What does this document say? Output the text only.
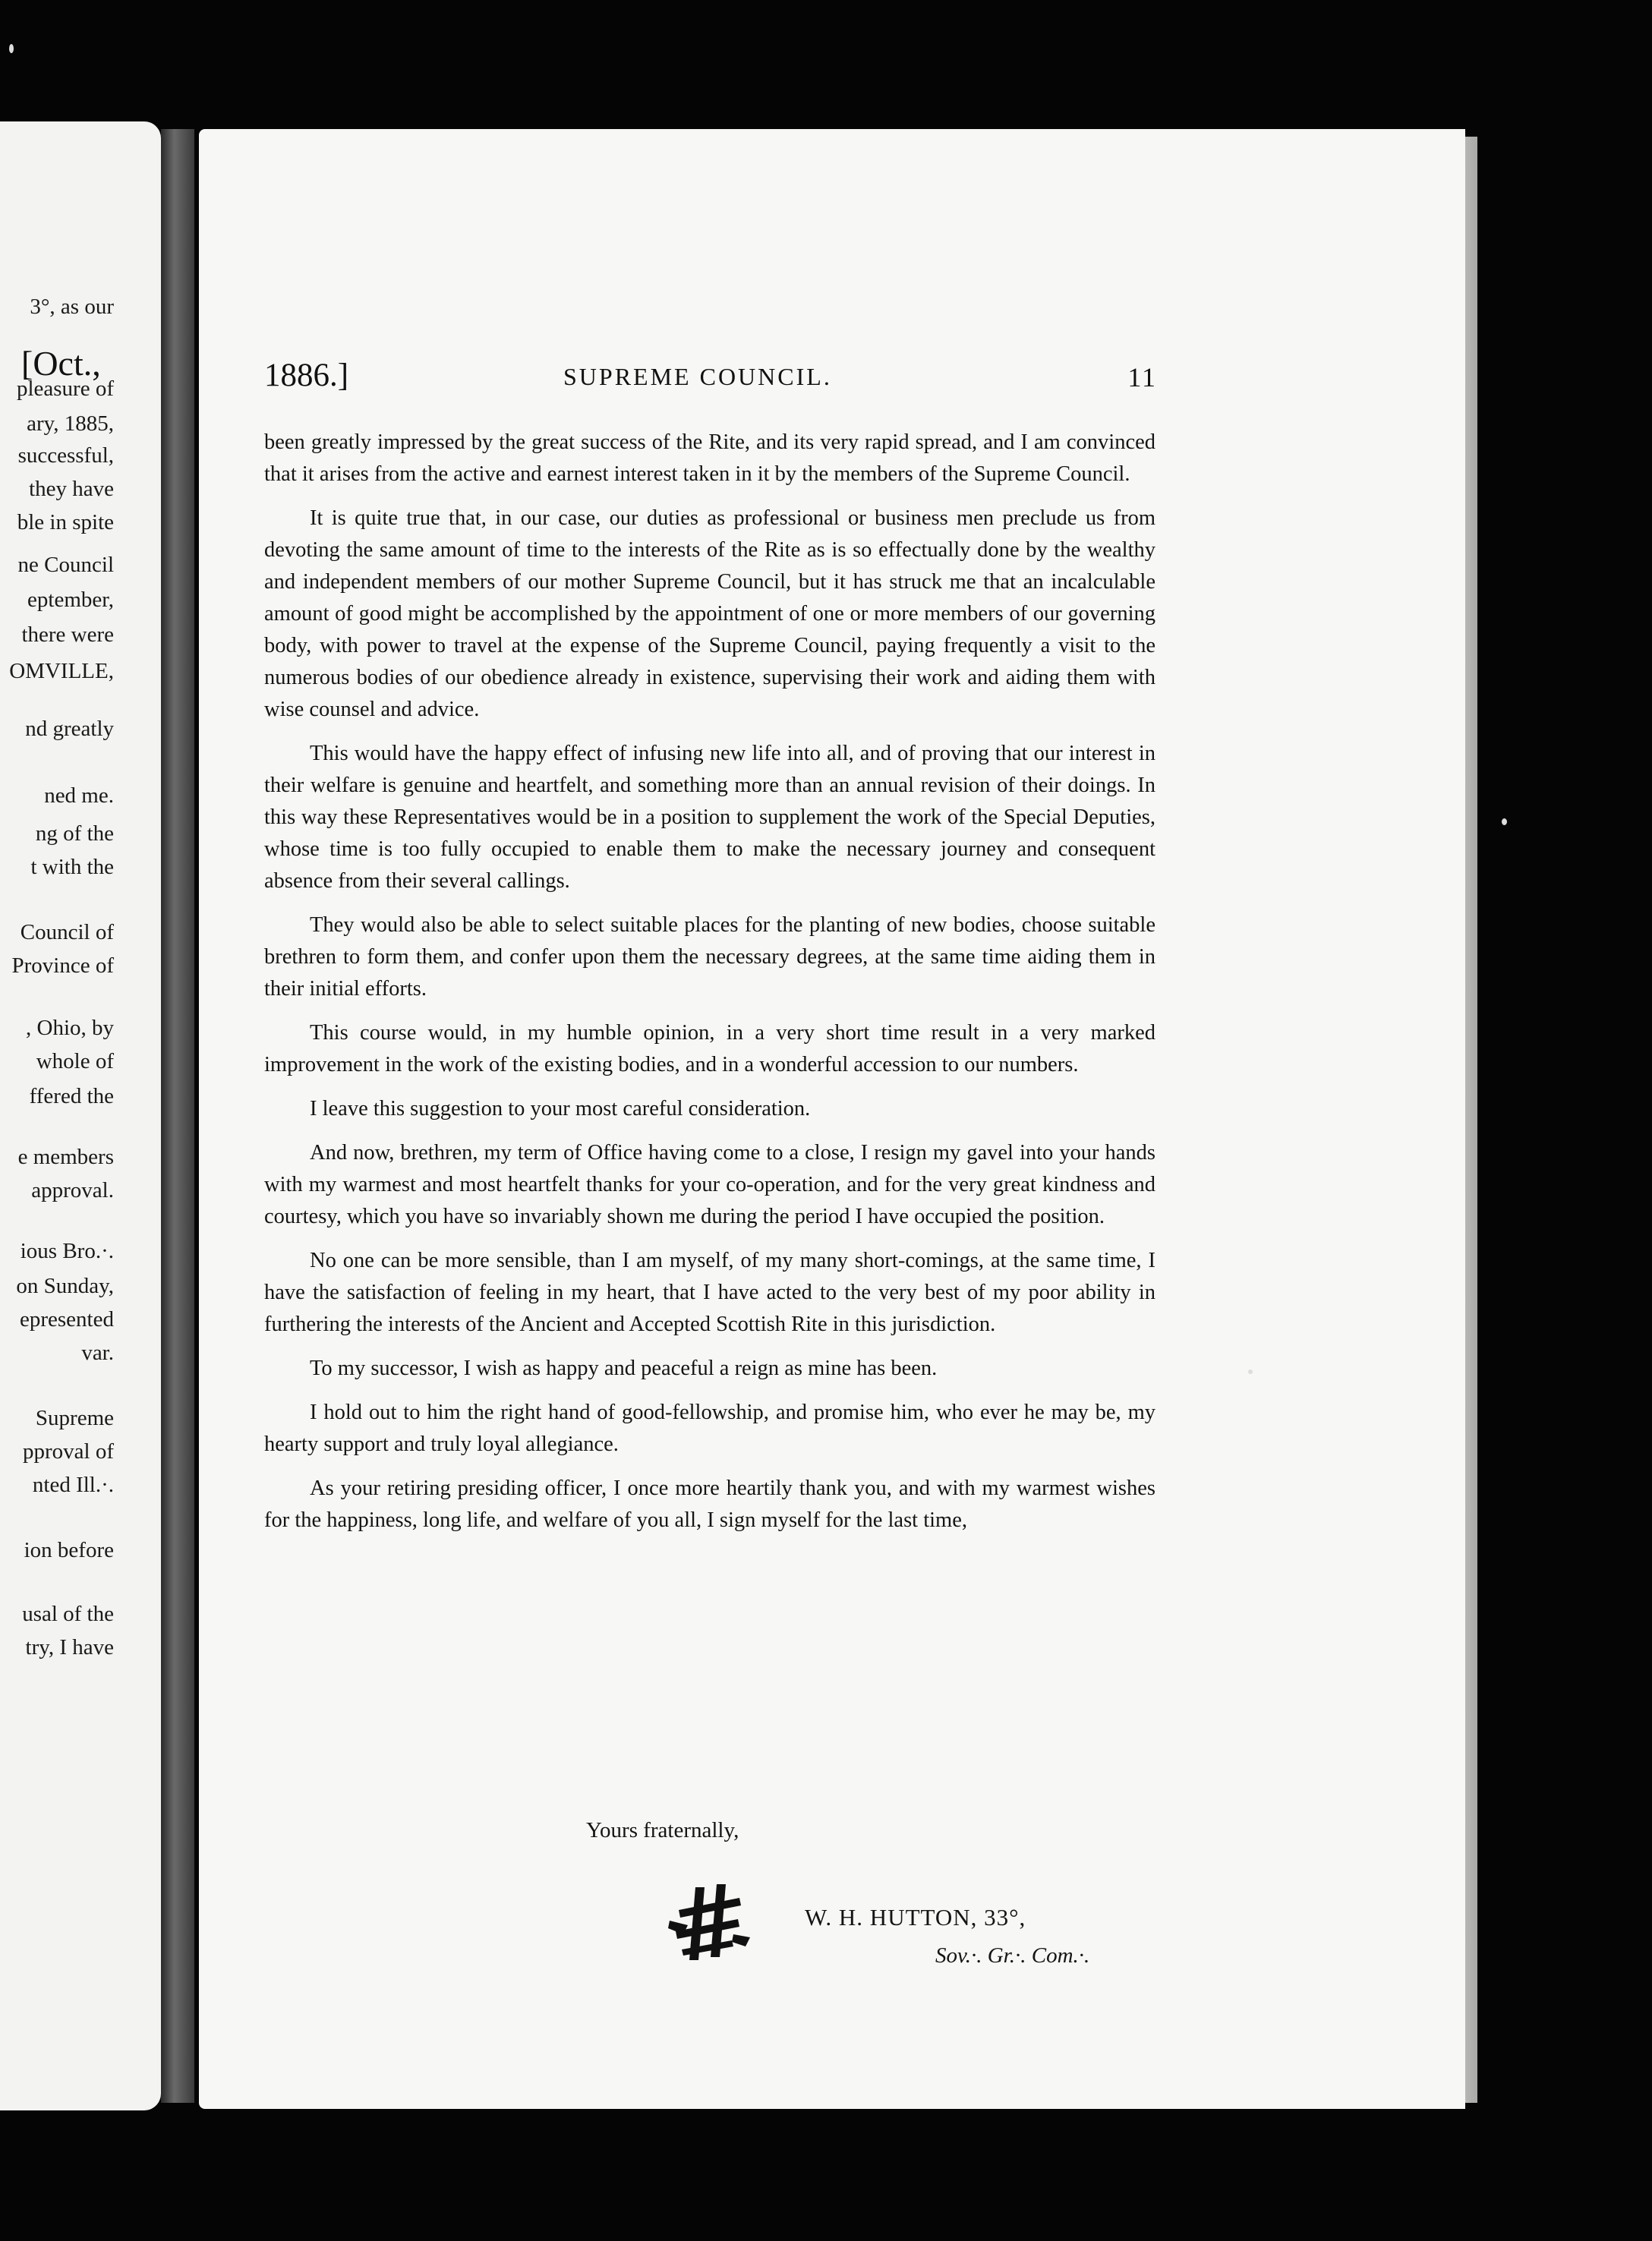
[Oct.,
3°, as our
pleasure of
ary, 1885,
successful,
they have
ble in spite
ne Council
eptember,
there were
OMVILLE,
nd greatly
ned me.
ng of the
t with the
Council of
Province of
, Ohio, by
whole of
ffered the
e members
approval.
ious Bro.·.
on Sunday,
epresented
var.
Supreme
pproval of
nted Ill.·.
ion before
usal of the
try, I have
1886.]	SUPREME COUNCIL.	11

been greatly impressed by the great success of the Rite, and its very rapid spread, and I am convinced that it arises from the active and earnest interest taken in it by the members of the Supreme Council.

It is quite true that, in our case, our duties as professional or business men preclude us from devoting the same amount of time to the interests of the Rite as is so effectually done by the wealthy and independent members of our mother Supreme Council, but it has struck me that an incalculable amount of good might be accomplished by the appointment of one or more members of our governing body, with power to travel at the expense of the Supreme Council, paying frequently a visit to the numerous bodies of our obedience already in existence, supervising their work and aiding them with wise counsel and advice.

This would have the happy effect of infusing new life into all, and of proving that our interest in their welfare is genuine and heartfelt, and something more than an annual revision of their doings. In this way these Representatives would be in a position to supplement the work of the Special Deputies, whose time is too fully occupied to enable them to make the necessary journey and consequent absence from their several callings.

They would also be able to select suitable places for the planting of new bodies, choose suitable brethren to form them, and confer upon them the necessary degrees, at the same time aiding them in their initial efforts.

This course would, in my humble opinion, in a very short time result in a very marked improvement in the work of the existing bodies, and in a wonderful accession to our numbers.

I leave this suggestion to your most careful consideration.

And now, brethren, my term of Office having come to a close, I resign my gavel into your hands with my warmest and most heartfelt thanks for your co-operation, and for the very great kindness and courtesy, which you have so invariably shown me during the period I have occupied the position.

No one can be more sensible, than I am myself, of my many short-comings, at the same time, I have the satisfaction of feeling in my heart, that I have acted to the very best of my poor ability in furthering the interests of the Ancient and Accepted Scottish Rite in this jurisdiction.

To my successor, I wish as happy and peaceful a reign as mine has been.

I hold out to him the right hand of good-fellowship, and promise him, who ever he may be, my hearty support and truly loyal allegiance.

As your retiring presiding officer, I once more heartily thank you, and with my warmest wishes for the happiness, long life, and welfare of you all, I sign myself for the last time,

Yours fraternally,
W. H. HUTTON, 33°,
Sov.·. Gr.·. Com.·.
